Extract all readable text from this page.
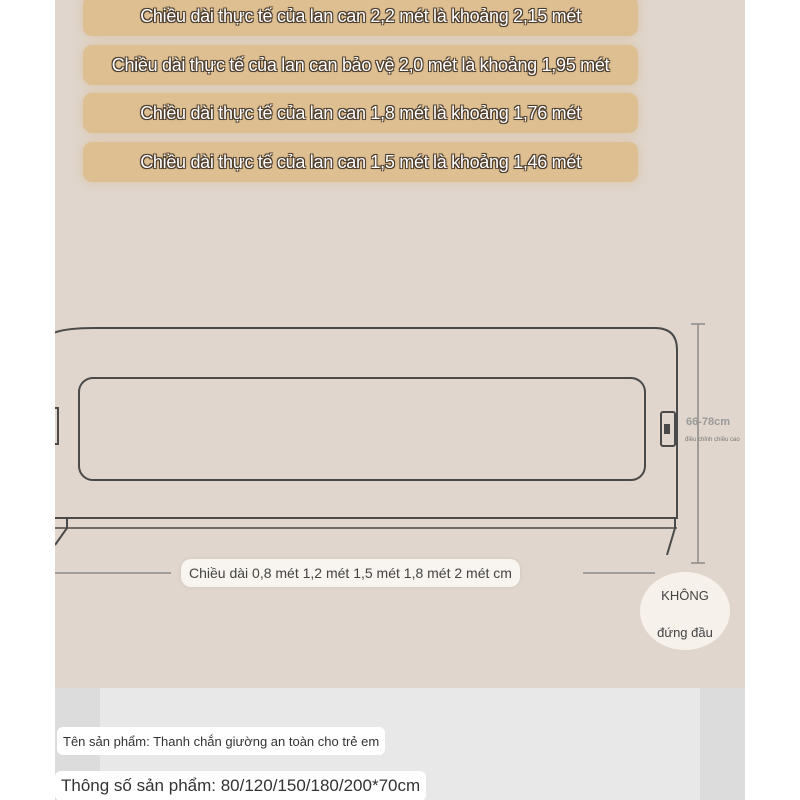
Chiều dài thực tế của lan can 2,2 mét là khoảng 2,15 mét
Chiều dài thực tế của lan can bảo vệ 2,0 mét là khoảng 1,95 mét
Chiều dài thực tế của lan can 1,8 mét là khoảng 1,76 mét
Chiều dài thực tế của lan can 1,5 mét là khoảng 1,46 mét
66-78cm
điều chỉnh chiều cao
Chiều dài 0,8 mét 1,2 mét 1,5 mét 1,8 mét 2 mét cm
KHÔNG
đứng đầu
Tên sản phẩm: Thanh chắn giường an toàn cho trẻ em
Thông số sản phẩm: 80/120/150/180/200*70cm
